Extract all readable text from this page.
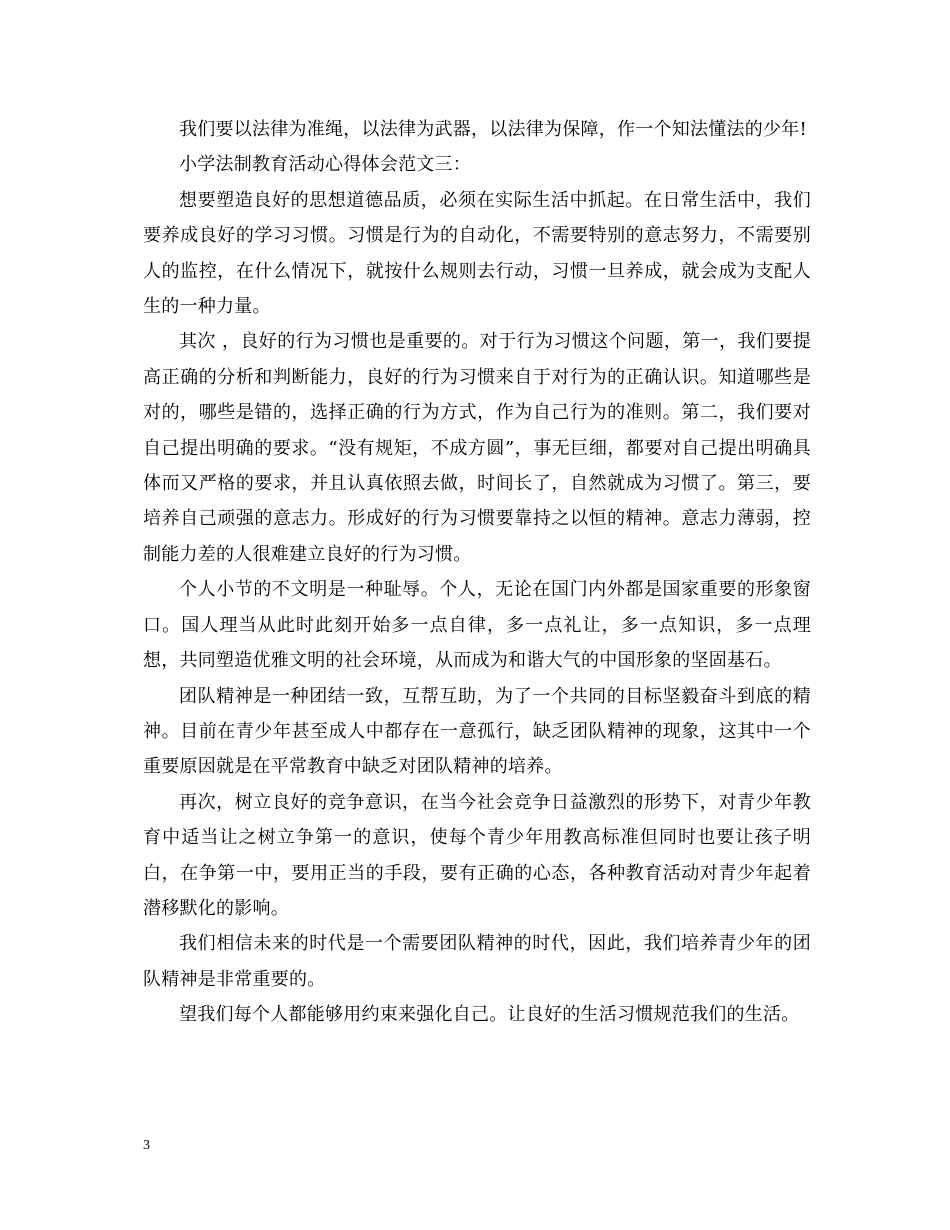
我们要以法律为准绳，以法律为武器，以法律为保障，作一个知法懂法的少年!

小学法制教育活动心得体会范文三：

想要塑造良好的思想道德品质，必须在实际生活中抓起。在日常生活中，我们要养成良好的学习习惯。习惯是行为的自动化，不需要特别的意志努力，不需要别人的监控，在什么情况下，就按什么规则去行动，习惯一旦养成，就会成为支配人生的一种力量。

其次 ，良好的行为习惯也是重要的。对于行为习惯这个问题，第一，我们要提高正确的分析和判断能力，良好的行为习惯来自于对行为的正确认识。知道哪些是对的，哪些是错的，选择正确的行为方式，作为自己行为的准则。第二，我们要对自己提出明确的要求。“没有规矩，不成方圆”，事无巨细，都要对自己提出明确具体而又严格的要求，并且认真依照去做，时间长了，自然就成为习惯了。第三，要培养自己顽强的意志力。形成好的行为习惯要靠持之以恒的精神。意志力薄弱，控制能力差的人很难建立良好的行为习惯。

个人小节的不文明是一种耻辱。个人，无论在国门内外都是国家重要的形象窗口。国人理当从此时此刻开始多一点自律，多一点礼让，多一点知识，多一点理想，共同塑造优雅文明的社会环境，从而成为和谐大气的中国形象的坚固基石。

团队精神是一种团结一致，互帮互助，为了一个共同的目标坚毅奋斗到底的精神。目前在青少年甚至成人中都存在一意孤行，缺乏团队精神的现象，这其中一个重要原因就是在平常教育中缺乏对团队精神的培养。

再次，树立良好的竞争意识，在当今社会竞争日益激烈的形势下，对青少年教育中适当让之树立争第一的意识，使每个青少年用教高标准但同时也要让孩子明白，在争第一中，要用正当的手段，要有正确的心态，各种教育活动对青少年起着潜移默化的影响。

我们相信未来的时代是一个需要团队精神的时代，因此，我们培养青少年的团队精神是非常重要的。

望我们每个人都能够用约束来强化自己。让良好的生活习惯规范我们的生活。

3
